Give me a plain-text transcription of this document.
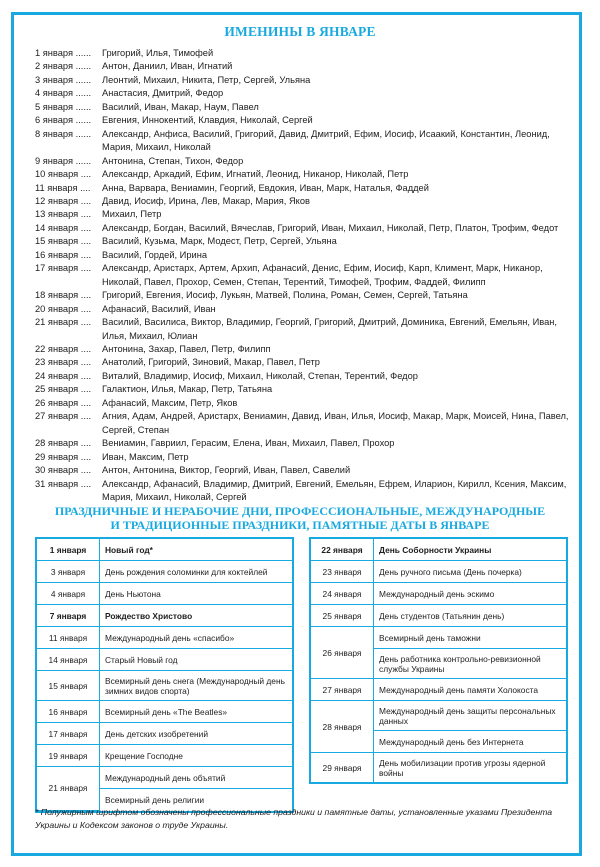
ИМЕНИНЫ В ЯНВАРЕ
1 января ......	Григорий, Илья, Тимофей
2 января ......	Антон, Даниил, Иван, Игнатий
3 января ......	Леонтий, Михаил, Никита, Петр, Сергей, Ульяна
4 января ......	Анастасия, Дмитрий, Федор
5 января ......	Василий, Иван, Макар, Наум, Павел
6 января ......	Евгения, Иннокентий, Клавдия, Николай, Сергей
8 января ......	Александр, Анфиса, Василий, Григорий, Давид, Дмитрий, Ефим, Иосиф, Исаакий, Константин, Леонид, Мария, Михаил, Николай
9 января ......	Антонина, Степан, Тихон, Федор
10 января ....	Александр, Аркадий, Ефим, Игнатий, Леонид, Никанор, Николай, Петр
11 января ....	Анна, Варвара, Вениамин, Георгий, Евдокия, Иван, Марк, Наталья, Фаддей
12 января ....	Давид, Иосиф, Ирина, Лев, Макар, Мария, Яков
13 января ....	Михаил, Петр
14 января ....	Александр, Богдан, Василий, Вячеслав, Григорий, Иван, Михаил, Николай, Петр, Платон, Трофим, Федот
15 января ....	Василий, Кузьма, Марк, Модест, Петр, Сергей, Ульяна
16 января ....	Василий, Гордей, Ирина
17 января ....	Александр, Аристарх, Артем, Архип, Афанасий, Денис, Ефим, Иосиф, Карп, Климент, Марк, Никанор, Николай, Павел, Прохор, Семен, Степан, Терентий, Тимофей, Трофим, Фаддей, Филипп
18 января ....	Григорий, Евгения, Иосиф, Лукьян, Матвей, Полина, Роман, Семен, Сергей, Татьяна
20 января ....	Афанасий, Василий, Иван
21 января ....	Василий, Василиса, Виктор, Владимир, Георгий, Григорий, Дмитрий, Доминика, Евгений, Емельян, Иван, Илья, Михаил, Юлиан
22 января ....	Антонина, Захар, Павел, Петр, Филипп
23 января ....	Анатолий, Григорий, Зиновий, Макар, Павел, Петр
24 января ....	Виталий, Владимир, Иосиф, Михаил, Николай, Степан, Терентий, Федор
25 января ....	Галактион, Илья, Макар, Петр, Татьяна
26 января ....	Афанасий, Максим, Петр, Яков
27 января ....	Агния, Адам, Андрей, Аристарх, Вениамин, Давид, Иван, Илья, Иосиф, Макар, Марк, Моисей, Нина, Павел, Сергей, Степан
28 января ....	Вениамин, Гавриил, Герасим, Елена, Иван, Михаил, Павел, Прохор
29 января ....	Иван, Максим, Петр
30 января ....	Антон, Антонина, Виктор, Георгий, Иван, Павел, Савелий
31 января ....	Александр, Афанасий, Владимир, Дмитрий, Евгений, Емельян, Ефрем, Иларион, Кирилл, Ксения, Максим, Мария, Михаил, Николай, Сергей
ПРАЗДНИЧНЫЕ И НЕРАБОЧИЕ ДНИ, ПРОФЕССИОНАЛЬНЫЕ, МЕЖДУНАРОДНЫЕ
И ТРАДИЦИОННЫЕ ПРАЗДНИКИ, ПАМЯТНЫЕ ДАТЫ В ЯНВАРЕ
1 января	Новый год*
3 января	День рождения соломинки для коктейлей
4 января	День Ньютона
7 января	Рождество Христово
11 января	Международный день «спасибо»
14 января	Старый Новый год
15 января	Всемирный день снега (Международный день зимних видов спорта)
16 января	Всемирный день «The Beatles»
17 января	День детских изобретений
19 января	Крещение Господне
21 января	Международный день объятий
	Всемирный день религии
22 января	День Соборности Украины
23 января	День ручного письма (День почерка)
24 января	Международный день эскимо
25 января	День студентов (Татьянин день)
26 января	Всемирный день таможни
	День работника контрольно-ревизионной службы Украины
27 января	Международный день памяти Холокоста
28 января	Международный день защиты персональных данных
	Международный день без Интернета
29 января	День мобилизации против угрозы ядерной войны
* Полужирным шрифтом обозначены профессиональные праздники и памятные даты, установленные указами Президента Украины и Кодексом законов о труде Украины.
